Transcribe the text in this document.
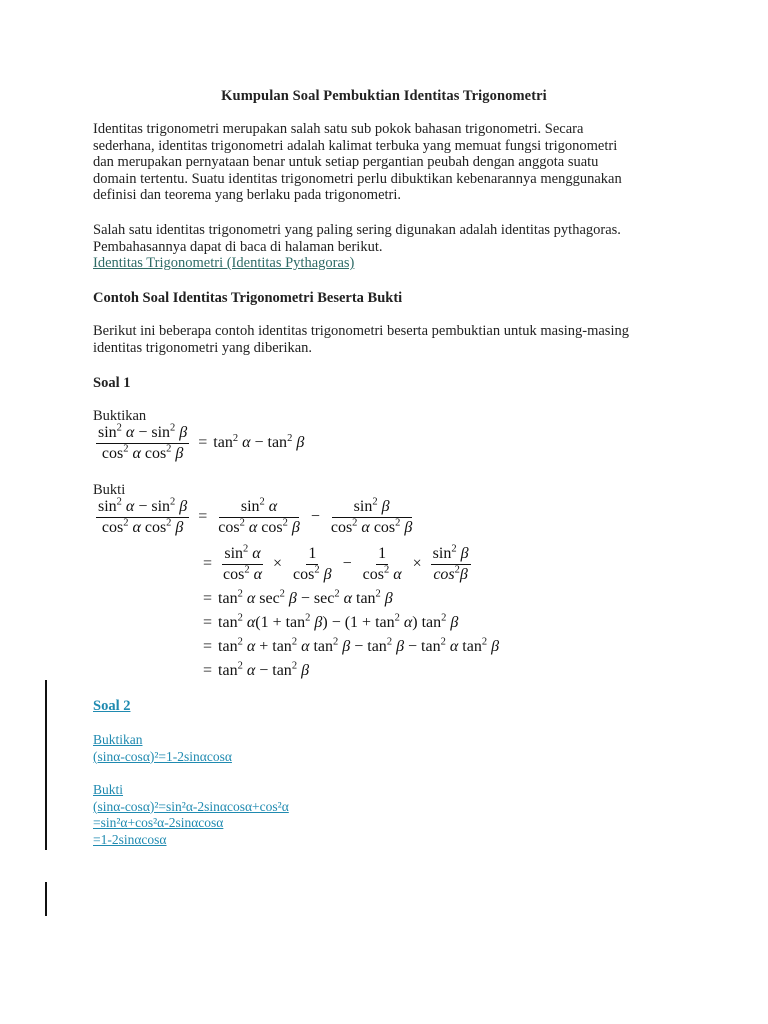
Kumpulan Soal Pembuktian Identitas Trigonometri
Identitas trigonometri merupakan salah satu sub pokok bahasan trigonometri. Secara
sederhana, identitas trigonometri adalah kalimat terbuka yang memuat fungsi trigonometri
dan merupakan pernyataan benar untuk setiap pergantian peubah dengan anggota suatu
domain tertentu. Suatu identitas trigonometri perlu dibuktikan kebenarannya menggunakan
definisi dan teorema yang berlaku pada trigonometri.
Salah satu identitas trigonometri yang paling sering digunakan adalah identitas pythagoras.
Pembahasannya dapat di baca di halaman berikut.
Identitas Trigonometri (Identitas Pythagoras)
Contoh Soal Identitas Trigonometri Beserta Bukti
Berikut ini beberapa contoh identitas trigonometri beserta pembuktian untuk masing-masing
identitas trigonometri yang diberikan.
Soal 1
Buktikan
$\frac{\sin^2 \alpha - \sin^2 \beta}{\cos^2 \alpha \cos^2 \beta} = \tan^2 \alpha - \tan^2 \beta$
Bukti
$\frac{\sin^2 \alpha - \sin^2 \beta}{\cos^2 \alpha \cos^2 \beta} = \frac{\sin^2 \alpha}{\cos^2 \alpha \cos^2 \beta} - \frac{\sin^2 \beta}{\cos^2 \alpha \cos^2 \beta}$
= $\frac{\sin^2 \alpha}{\cos^2 \alpha} \times \frac{1}{\cos^2 \beta} - \frac{1}{\cos^2 \alpha} \times \frac{\sin^2 \beta}{\cos^2\beta}$
= $\tan^2 \alpha$ $\sec^2 \beta - \sec^2 \alpha$ $\tan^2 \beta$
= $\tan^2 \alpha(1 + \tan^2 \beta) - (1 + \tan^2 \alpha)$ $\tan^2 \beta$
= $\tan^2 \alpha + \tan^2 \alpha$ $\tan^2 \beta - \tan^2 \beta - \tan^2 \alpha$ $\tan^2 \beta$
= $\tan^2 \alpha - \tan^2 \beta$
Soal 2
Buktikan
(sinα-cosα)²=1-2sinαcosα
Bukti
(sinα-cosα)²=sin²α-2sinαcosα+cos²α
=sin²α+cos²α-2sinαcosα
=1-2sinαcosα
